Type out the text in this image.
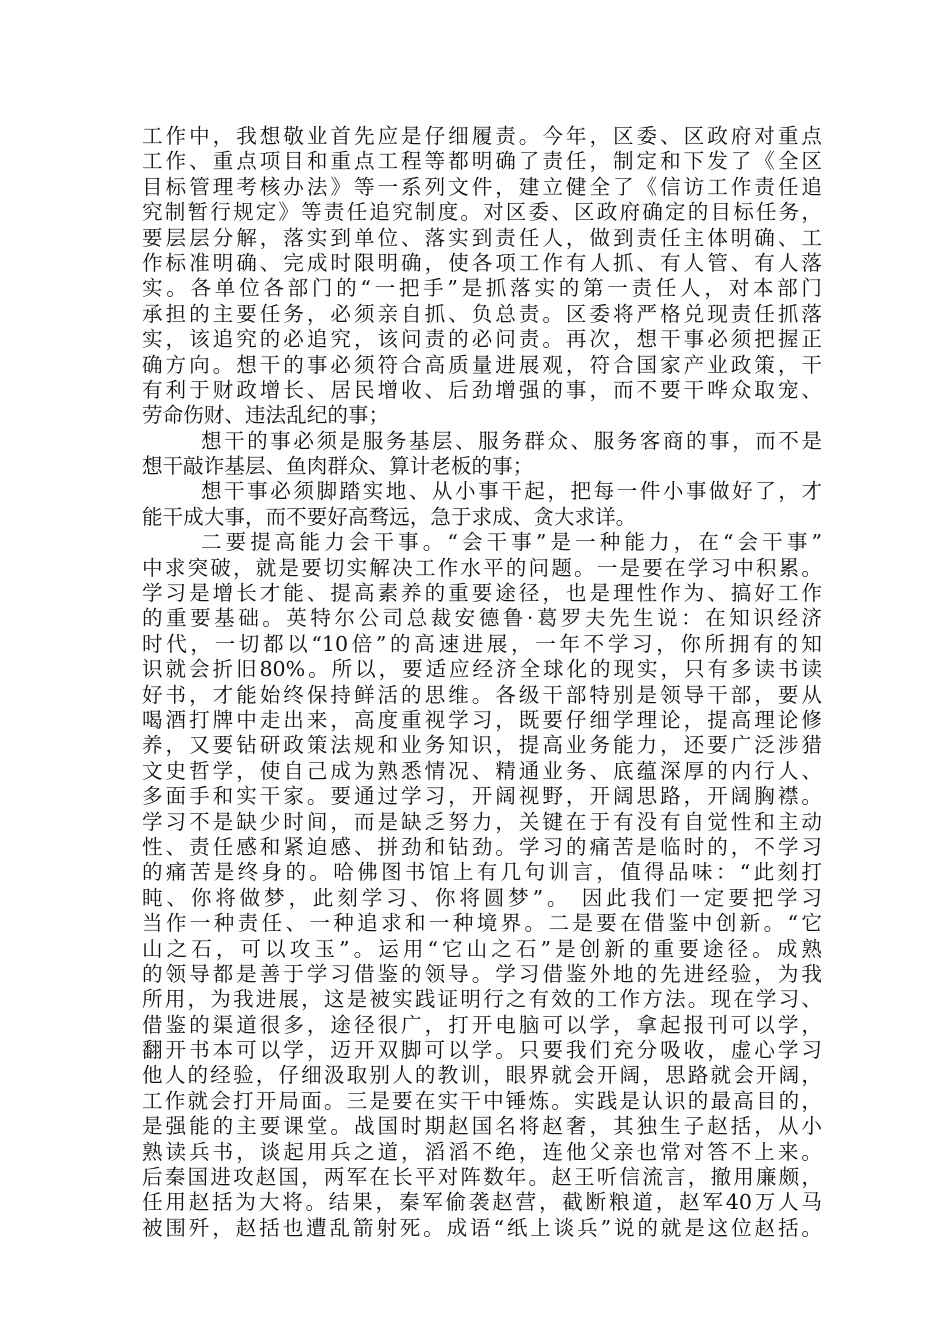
工作中，我想敬业首先应是仔细履责。今年，区委、区政府对重点
工作、重点项目和重点工程等都明确了责任，制定和下发了《全区
目标管理考核办法》等一系列文件，建立健全了《信访工作责任追
究制暂行规定》等责任追究制度。对区委、区政府确定的目标任务，
要层层分解，落实到单位、落实到责任人，做到责任主体明确、工
作标准明确、完成时限明确，使各项工作有人抓、有人管、有人落
实。各单位各部门的“一把手”是抓落实的第一责任人，对本部门
承担的主要任务，必须亲自抓、负总责。区委将严格兑现责任抓落
实，该追究的必追究，该问责的必问责。再次，想干事必须把握正
确方向。想干的事必须符合高质量进展观，符合国家产业政策，干
有利于财政增长、居民增收、后劲增强的事，而不要干哗众取宠、
劳命伤财、违法乱纪的事；
想干的事必须是服务基层、服务群众、服务客商的事，而不是
想干敲诈基层、鱼肉群众、算计老板的事；
想干事必须脚踏实地、从小事干起，把每一件小事做好了，才
能干成大事，而不要好高骛远，急于求成、贪大求详。
二要提高能力会干事。“会干事”是一种能力，在“会干事”
中求突破，就是要切实解决工作水平的问题。一是要在学习中积累。
学习是增长才能、提高素养的重要途径，也是理性作为、搞好工作
的重要基础。英特尔公司总裁安德鲁·葛罗夫先生说：在知识经济
时代，一切都以“10倍”的高速进展，一年不学习，你所拥有的知
识就会折旧80%。所以，要适应经济全球化的现实，只有多读书读
好书，才能始终保持鲜活的思维。各级干部特别是领导干部，要从
喝酒打牌中走出来，高度重视学习，既要仔细学理论，提高理论修
养，又要钻研政策法规和业务知识，提高业务能力，还要广泛涉猎
文史哲学，使自己成为熟悉情况、精通业务、底蕴深厚的内行人、
多面手和实干家。要通过学习，开阔视野，开阔思路，开阔胸襟。
学习不是缺少时间，而是缺乏努力，关键在于有没有自觉性和主动
性、责任感和紧迫感、拼劲和钻劲。学习的痛苦是临时的，不学习
的痛苦是终身的。哈佛图书馆上有几句训言，值得品味：“此刻打
盹、你将做梦，此刻学习、你将圆梦”。 因此我们一定要把学习
当作一种责任、一种追求和一种境界。二是要在借鉴中创新。“它
山之石，可以攻玉”。运用“它山之石”是创新的重要途径。成熟
的领导都是善于学习借鉴的领导。学习借鉴外地的先进经验，为我
所用，为我进展，这是被实践证明行之有效的工作方法。现在学习、
借鉴的渠道很多，途径很广，打开电脑可以学，拿起报刊可以学，
翻开书本可以学，迈开双脚可以学。只要我们充分吸收，虚心学习
他人的经验，仔细汲取别人的教训，眼界就会开阔，思路就会开阔，
工作就会打开局面。三是要在实干中锤炼。实践是认识的最高目的，
是强能的主要课堂。战国时期赵国名将赵奢，其独生子赵括，从小
熟读兵书，谈起用兵之道，滔滔不绝，连他父亲也常对答不上来。
后秦国进攻赵国，两军在长平对阵数年。赵王听信流言，撤用廉颇，
任用赵括为大将。结果，秦军偷袭赵营，截断粮道，赵军40万人马
被围歼，赵括也遭乱箭射死。成语“纸上谈兵”说的就是这位赵括。
